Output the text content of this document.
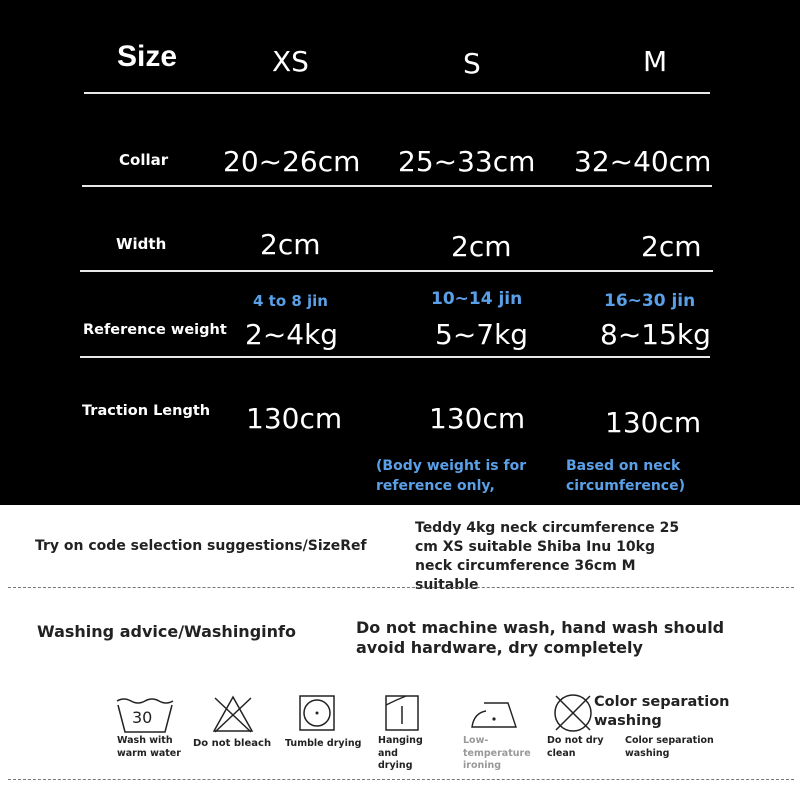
Size	XS	S	M
Collar 20~26cm 25~33cm 32~40cm
Width	2cm	2cm	2cm
4 to 8 jin	10~14 jin	16~30 jin
Reference weight 2~4kg	5~7kg	8~15kg
Traction Length 130cm	130cm	130cm
(Body weight is for reference only,
Based on neck circumference)
Try on code selection suggestions/SizeRef
Teddy 4kg neck circumference 25 cm XS suitable Shiba Inu 10kg neck circumference 36cm M suitable
Washing advice/Washinginfo	Do not machine wash, hand wash should avoid hardware, dry completely
30
Wash with warm water
Do not bleach	Tumble drying	Hanging and drying
Low-temperature ironing
Color separation washing
Do not dry clean
Color separation washing
